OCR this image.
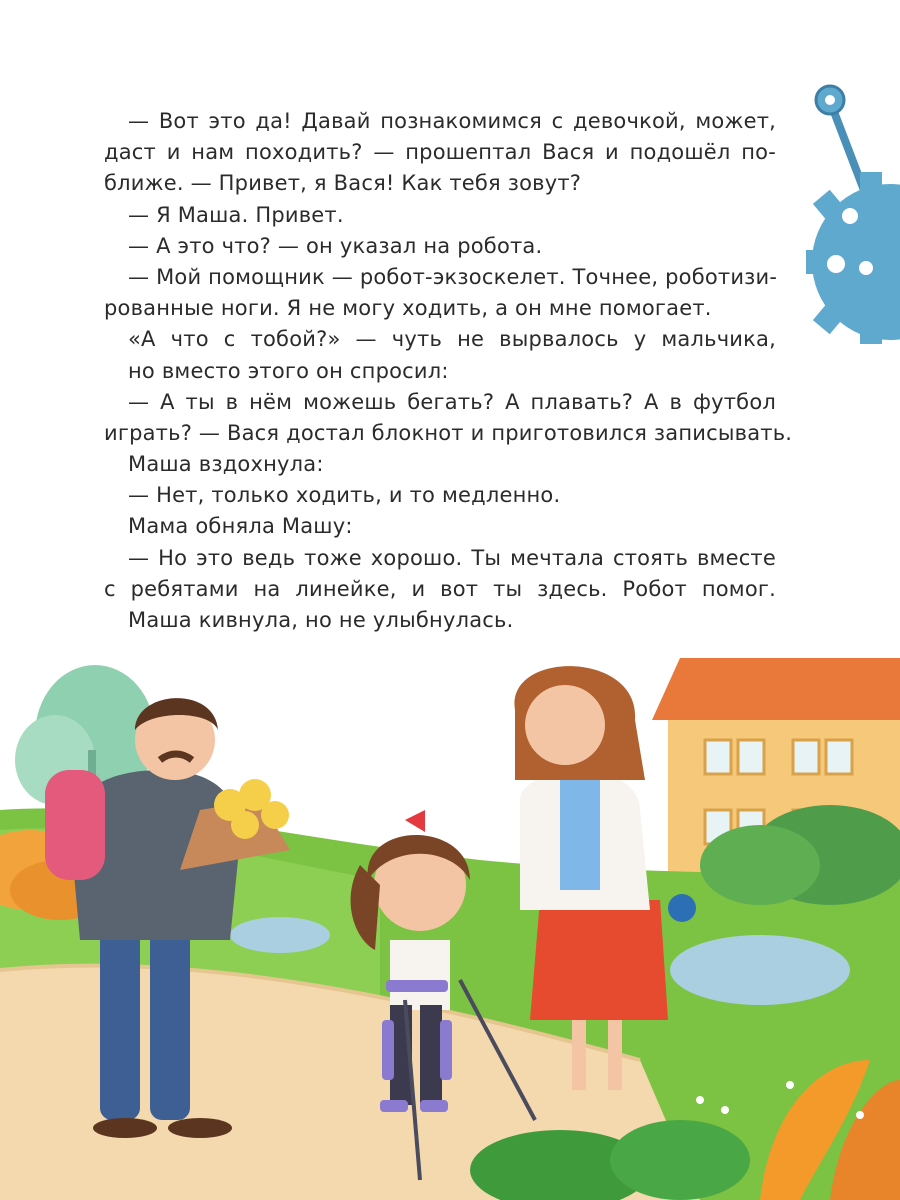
— Вот это да! Давай познакомимся с девочкой, может,
даст и нам походить? — прошептал Вася и подошёл по-
ближе. — Привет, я Вася! Как тебя зовут?
— Я Маша. Привет.
— А это что? — он указал на робота.
— Мой помощник — робот-экзоскелет. Точнее, роботизи-
рованные ноги. Я не могу ходить, а он мне помогает.
«А что с тобой?» — чуть не вырвалось у мальчика,
но вместо этого он спросил:
— А ты в нём можешь бегать? А плавать? А в футбол
играть? — Вася достал блокнот и приготовился записывать.
Маша вздохнула:
— Нет, только ходить, и то медленно.
Мама обняла Машу:
— Но это ведь тоже хорошо. Ты мечтала стоять вместе
с ребятами на линейке, и вот ты здесь. Робот помог.
Маша кивнула, но не улыбнулась.
